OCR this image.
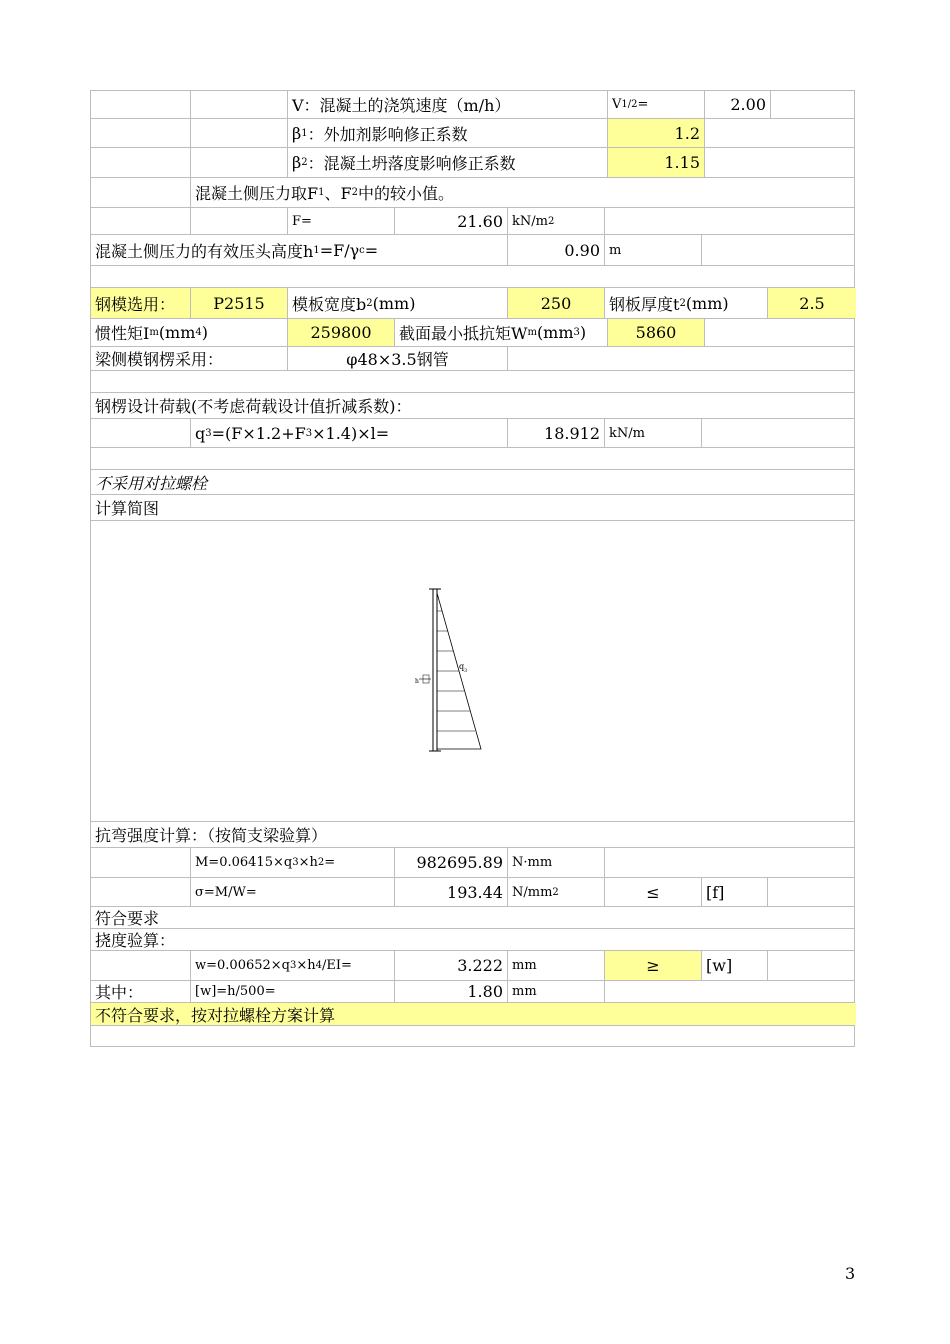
V：混凝土的浇筑速度（m/h）	V 1/2 =	2.00
β 1 ：外加剂影响修正系数	1.2
β 2 ：混凝土坍落度影响修正系数	1.15
混凝土侧压力取F 1 、F 2 中的较小值。
F=	21.60 kN/m 2
混凝土侧压力的有效压头高度h 1 =F/γ c =	0.90 m
钢模选用： P2515 模板宽度b 2 (mm)	250 钢板厚度t 2 (mm)	2.5
惯性矩I m (mm 4 )	259800 截面最小抵抗矩W m (mm 3 )	5860
梁侧模钢楞采用：	φ48×3.5钢管
钢楞设计荷载(不考虑荷载设计值折减系数)：
q 3 =(F×1.2+F 3 ×1.4)×l=	18.912 kN/m
不采用对拉螺栓
计算简图
h
q 3
抗弯强度计算：（按简支梁验算）
M=0.06415×q 3 ×h 2 =	982695.89 N·mm
σ=M/W=	193.44 N/mm 2	≤	[f]
符合要求
挠度验算：
w=0.00652×q 3 ×h 4 /EI=	3.222 mm	≥	[w]
其中：	[w]=h/500=	1.80 mm
不符合要求，按对拉螺栓方案计算
3
